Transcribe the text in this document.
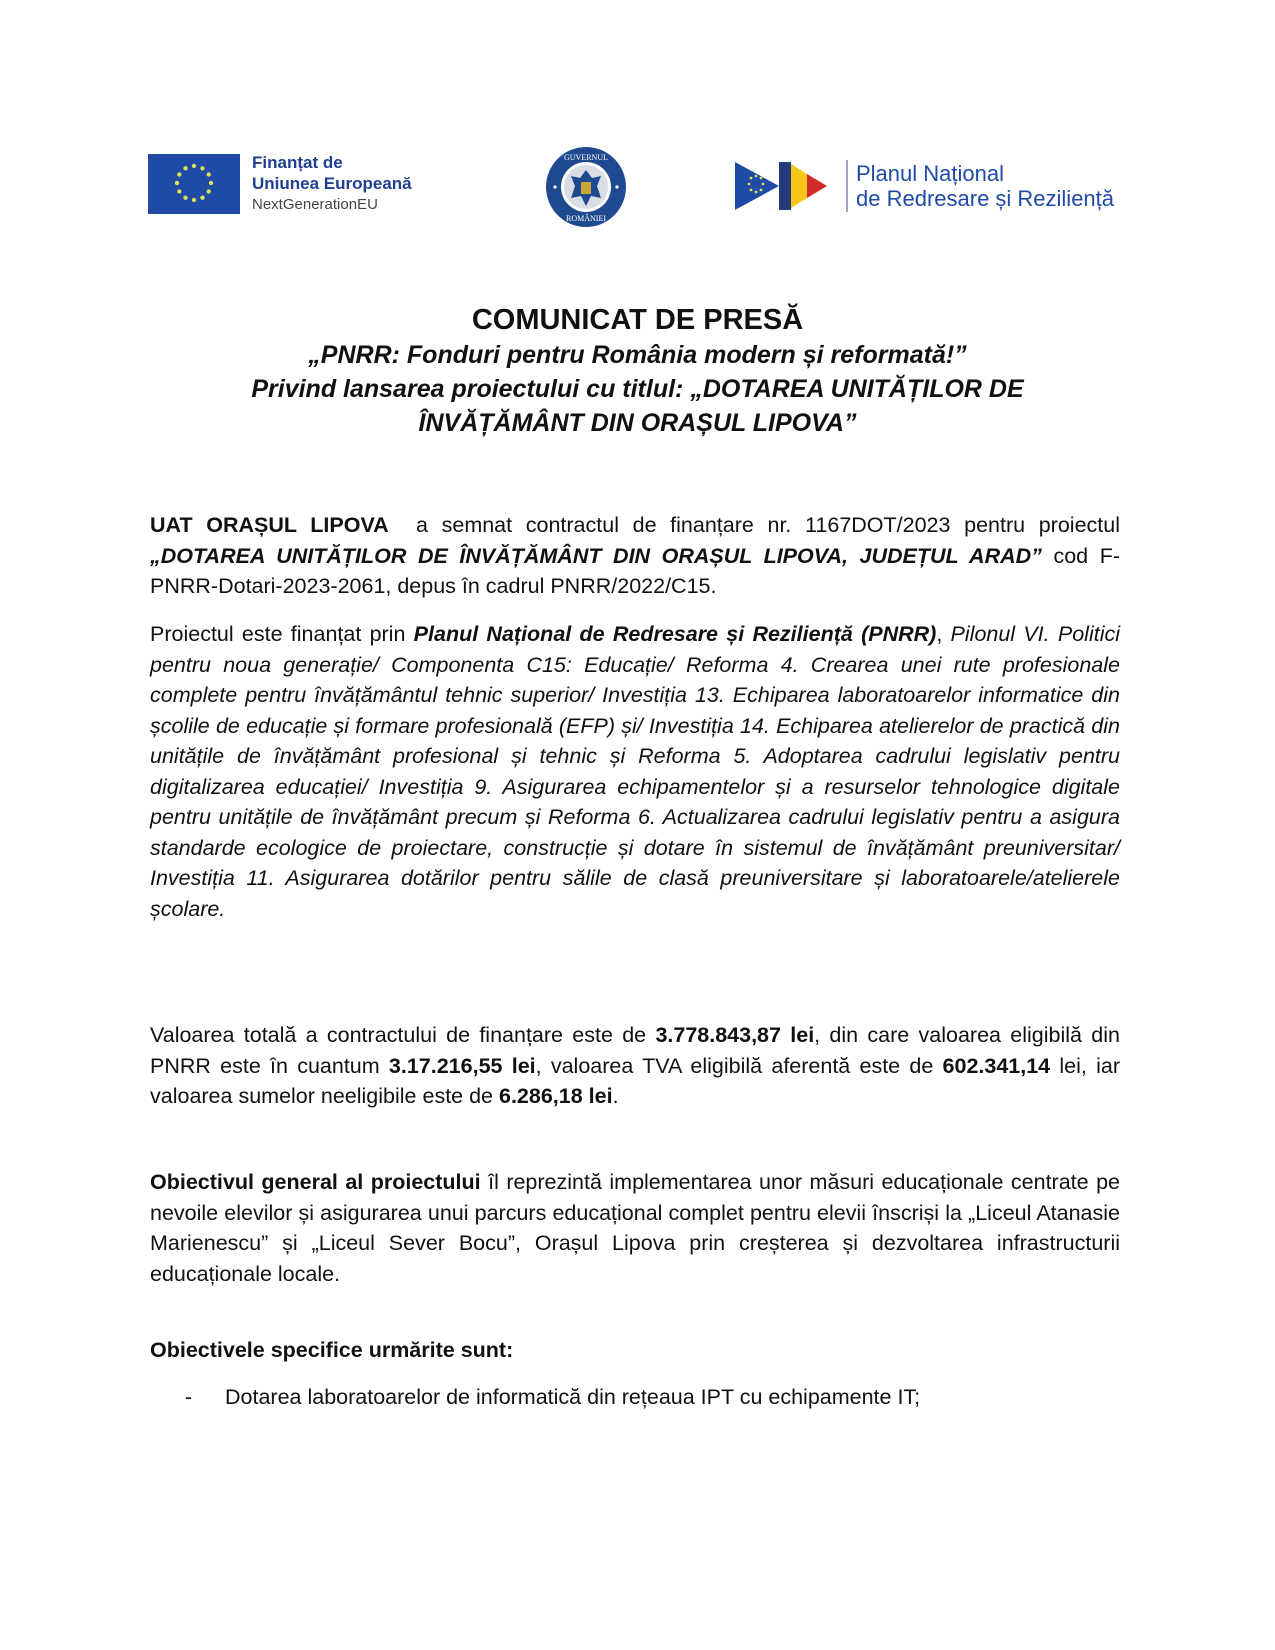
Finanțat de
Uniunea Europeană
NextGenerationEU
GUVERNUL
ROMÂNIEI
Planul Național
de Redresare și Reziliență
COMUNICAT DE PRESĂ
„PNRR: Fonduri pentru România modern și reformată!”
Privind lansarea proiectului cu titlul: „DOTAREA UNITĂȚILOR DE
ÎNVĂȚĂMÂNT DIN ORAȘUL LIPOVA”
UAT ORAȘUL LIPOVA  a semnat contractul de finanțare nr. 1167DOT/2023 pentru proiectul „DOTAREA UNITĂȚILOR DE ÎNVĂȚĂMÂNT DIN ORAȘUL LIPOVA, JUDEȚUL ARAD” cod F-PNRR-Dotari-2023-2061, depus în cadrul PNRR/2022/C15.
Proiectul este finanțat prin Planul Național de Redresare și Reziliență (PNRR), Pilonul VI. Politici pentru noua generație/ Componenta C15: Educație/ Reforma 4. Crearea unei rute profesionale complete pentru învățământul tehnic superior/ Investiția 13. Echiparea laboratoarelor informatice din școlile de educație și formare profesională (EFP) și/ Investiția 14. Echiparea atelierelor de practică din unitățile de învățământ profesional și tehnic și Reforma 5. Adoptarea cadrului legislativ pentru digitalizarea educației/ Investiția 9. Asigurarea echipamentelor și a resurselor tehnologice digitale pentru unitățile de învățământ precum și Reforma 6. Actualizarea cadrului legislativ pentru a asigura standarde ecologice de proiectare, construcție și dotare în sistemul de învățământ preuniversitar/ Investiția 11. Asigurarea dotărilor pentru sălile de clasă preuniversitare și laboratoarele/atelierele școlare.
Valoarea totală a contractului de finanțare este de 3.778.843,87 lei, din care valoarea eligibilă din PNRR este în cuantum 3.17.216,55 lei, valoarea TVA eligibilă aferentă este de 602.341,14 lei, iar valoarea sumelor neeligibile este de 6.286,18 lei.
Obiectivul general al proiectului îl reprezintă implementarea unor măsuri educaționale centrate pe nevoile elevilor și asigurarea unui parcurs educațional complet pentru elevii înscriși la „Liceul Atanasie Marienescu” și „Liceul Sever Bocu”, Orașul Lipova prin creșterea și dezvoltarea infrastructurii educaționale locale.
Obiectivele specifice urmărite sunt:
-	Dotarea laboratoarelor de informatică din rețeaua IPT cu echipamente IT;
